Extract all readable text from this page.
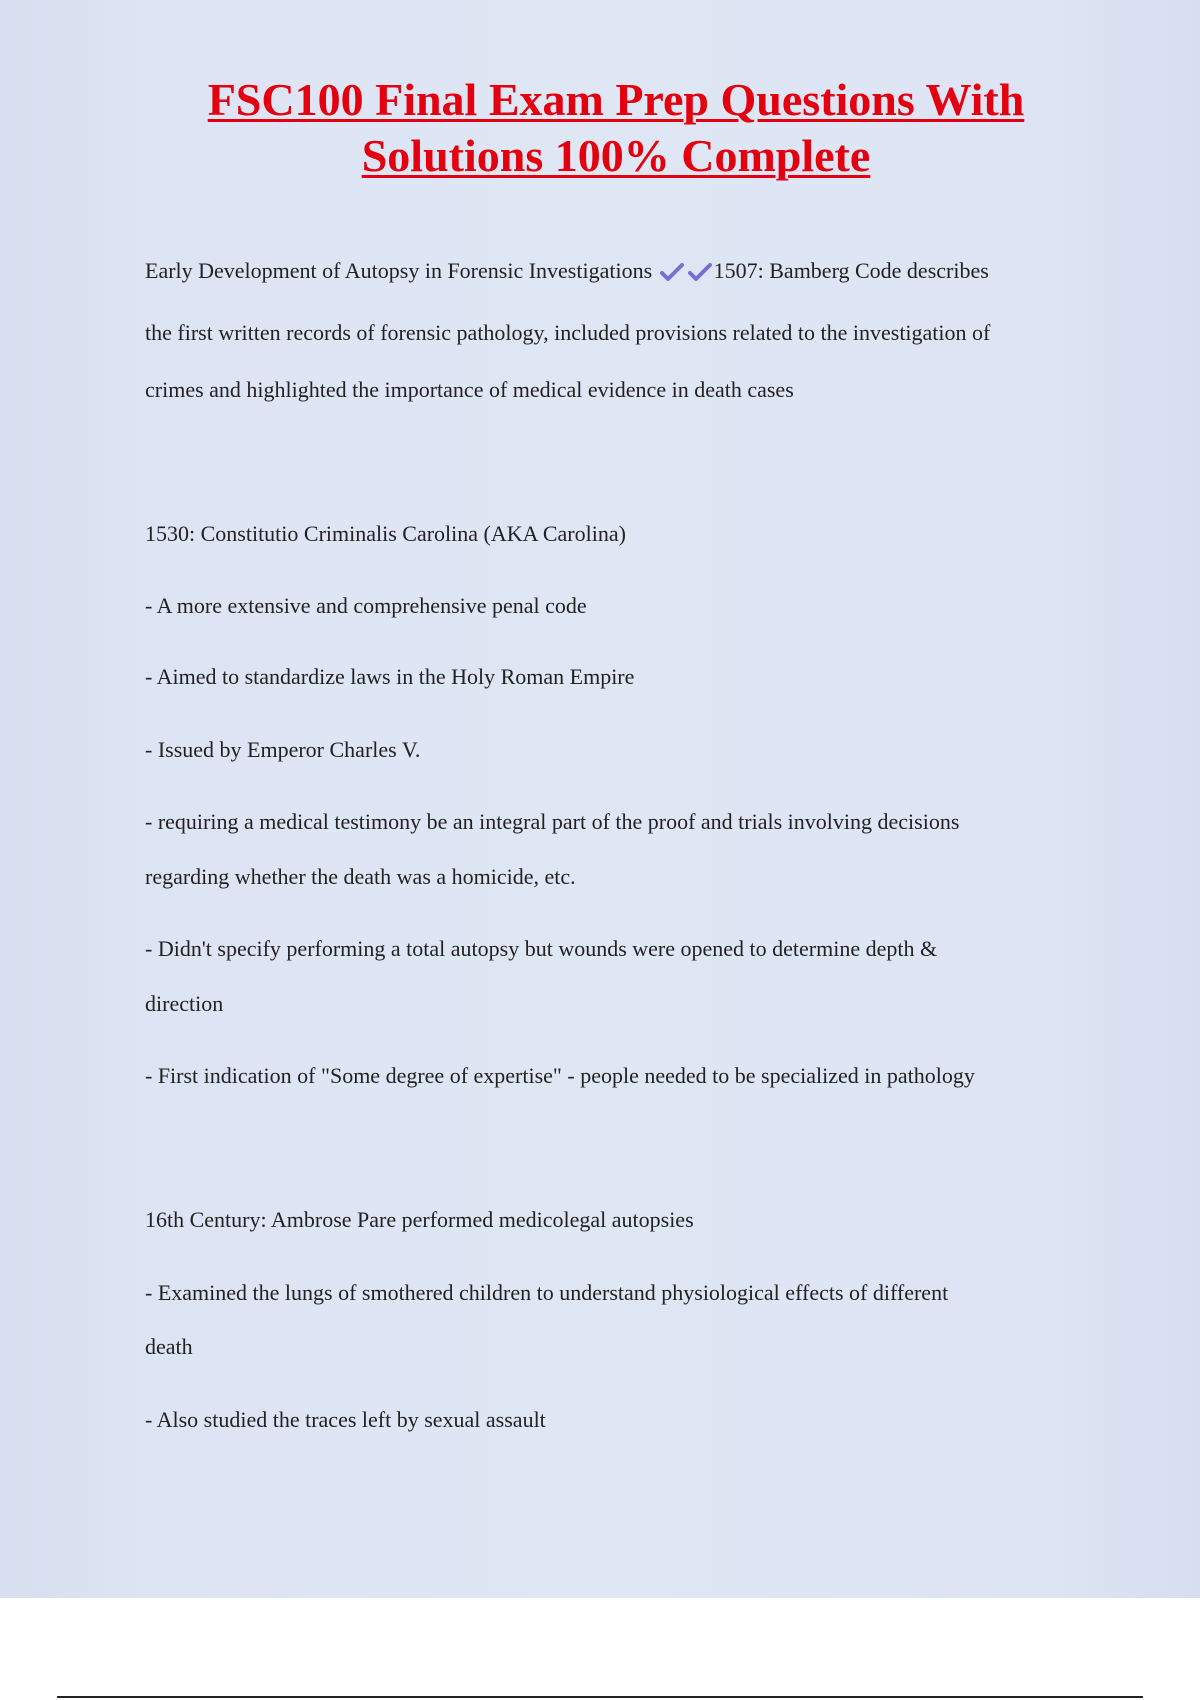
FSC100 Final Exam Prep Questions With
Solutions 100% Complete

Early Development of Autopsy in Forensic Investigations	1507: Bamberg Code describes

the first written records of forensic pathology, included provisions related to the investigation of

crimes and highlighted the importance of medical evidence in death cases

1530: Constitutio Criminalis Carolina (AKA Carolina)

- A more extensive and comprehensive penal code

- Aimed to standardize laws in the Holy Roman Empire

- Issued by Emperor Charles V.

- requiring a medical testimony be an integral part of the proof and trials involving decisions

regarding whether the death was a homicide, etc.

- Didn't specify performing a total autopsy but wounds were opened to determine depth &

direction

- First indication of "Some degree of expertise" - people needed to be specialized in pathology

16th Century: Ambrose Pare performed medicolegal autopsies

- Examined the lungs of smothered children to understand physiological effects of different

death

- Also studied the traces left by sexual assault
